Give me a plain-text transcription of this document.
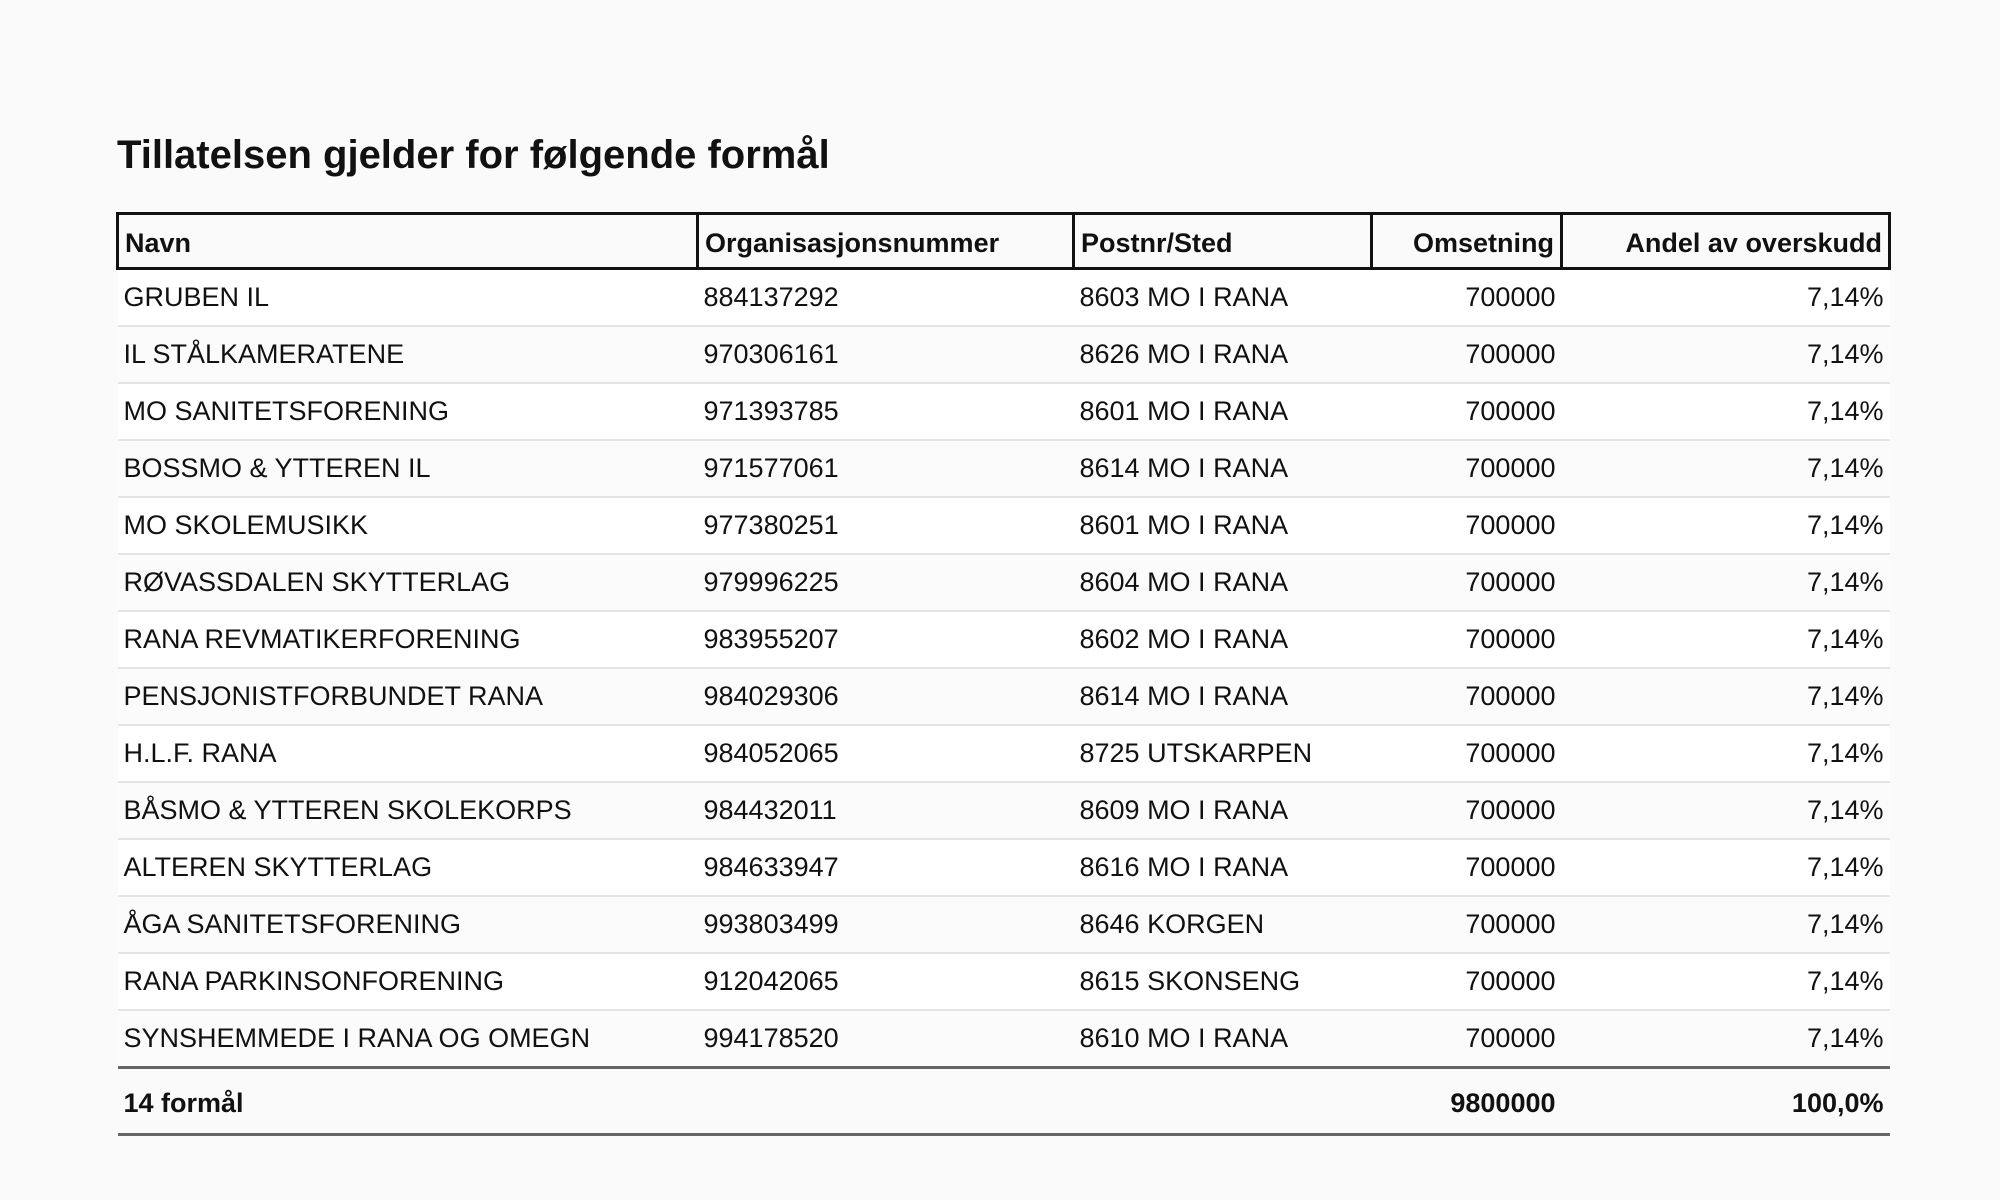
Tillatelsen gjelder for følgende formål
Navn	Organisasjonsnummer	Postnr/Sted	Omsetning	Andel av overskudd
GRUBEN IL	884137292	8603 MO I RANA	700000	7,14%
IL STÅLKAMERATENE	970306161	8626 MO I RANA	700000	7,14%
MO SANITETSFORENING	971393785	8601 MO I RANA	700000	7,14%
BOSSMO & YTTEREN IL	971577061	8614 MO I RANA	700000	7,14%
MO SKOLEMUSIKK	977380251	8601 MO I RANA	700000	7,14%
RØVASSDALEN SKYTTERLAG	979996225	8604 MO I RANA	700000	7,14%
RANA REVMATIKERFORENING	983955207	8602 MO I RANA	700000	7,14%
PENSJONISTFORBUNDET RANA	984029306	8614 MO I RANA	700000	7,14%
H.L.F. RANA	984052065	8725 UTSKARPEN	700000	7,14%
BÅSMO & YTTEREN SKOLEKORPS	984432011	8609 MO I RANA	700000	7,14%
ALTEREN SKYTTERLAG	984633947	8616 MO I RANA	700000	7,14%
ÅGA SANITETSFORENING	993803499	8646 KORGEN	700000	7,14%
RANA PARKINSONFORENING	912042065	8615 SKONSENG	700000	7,14%
SYNSHEMMEDE I RANA OG OMEGN	994178520	8610 MO I RANA	700000	7,14%
14 formål			9800000	100,0%
